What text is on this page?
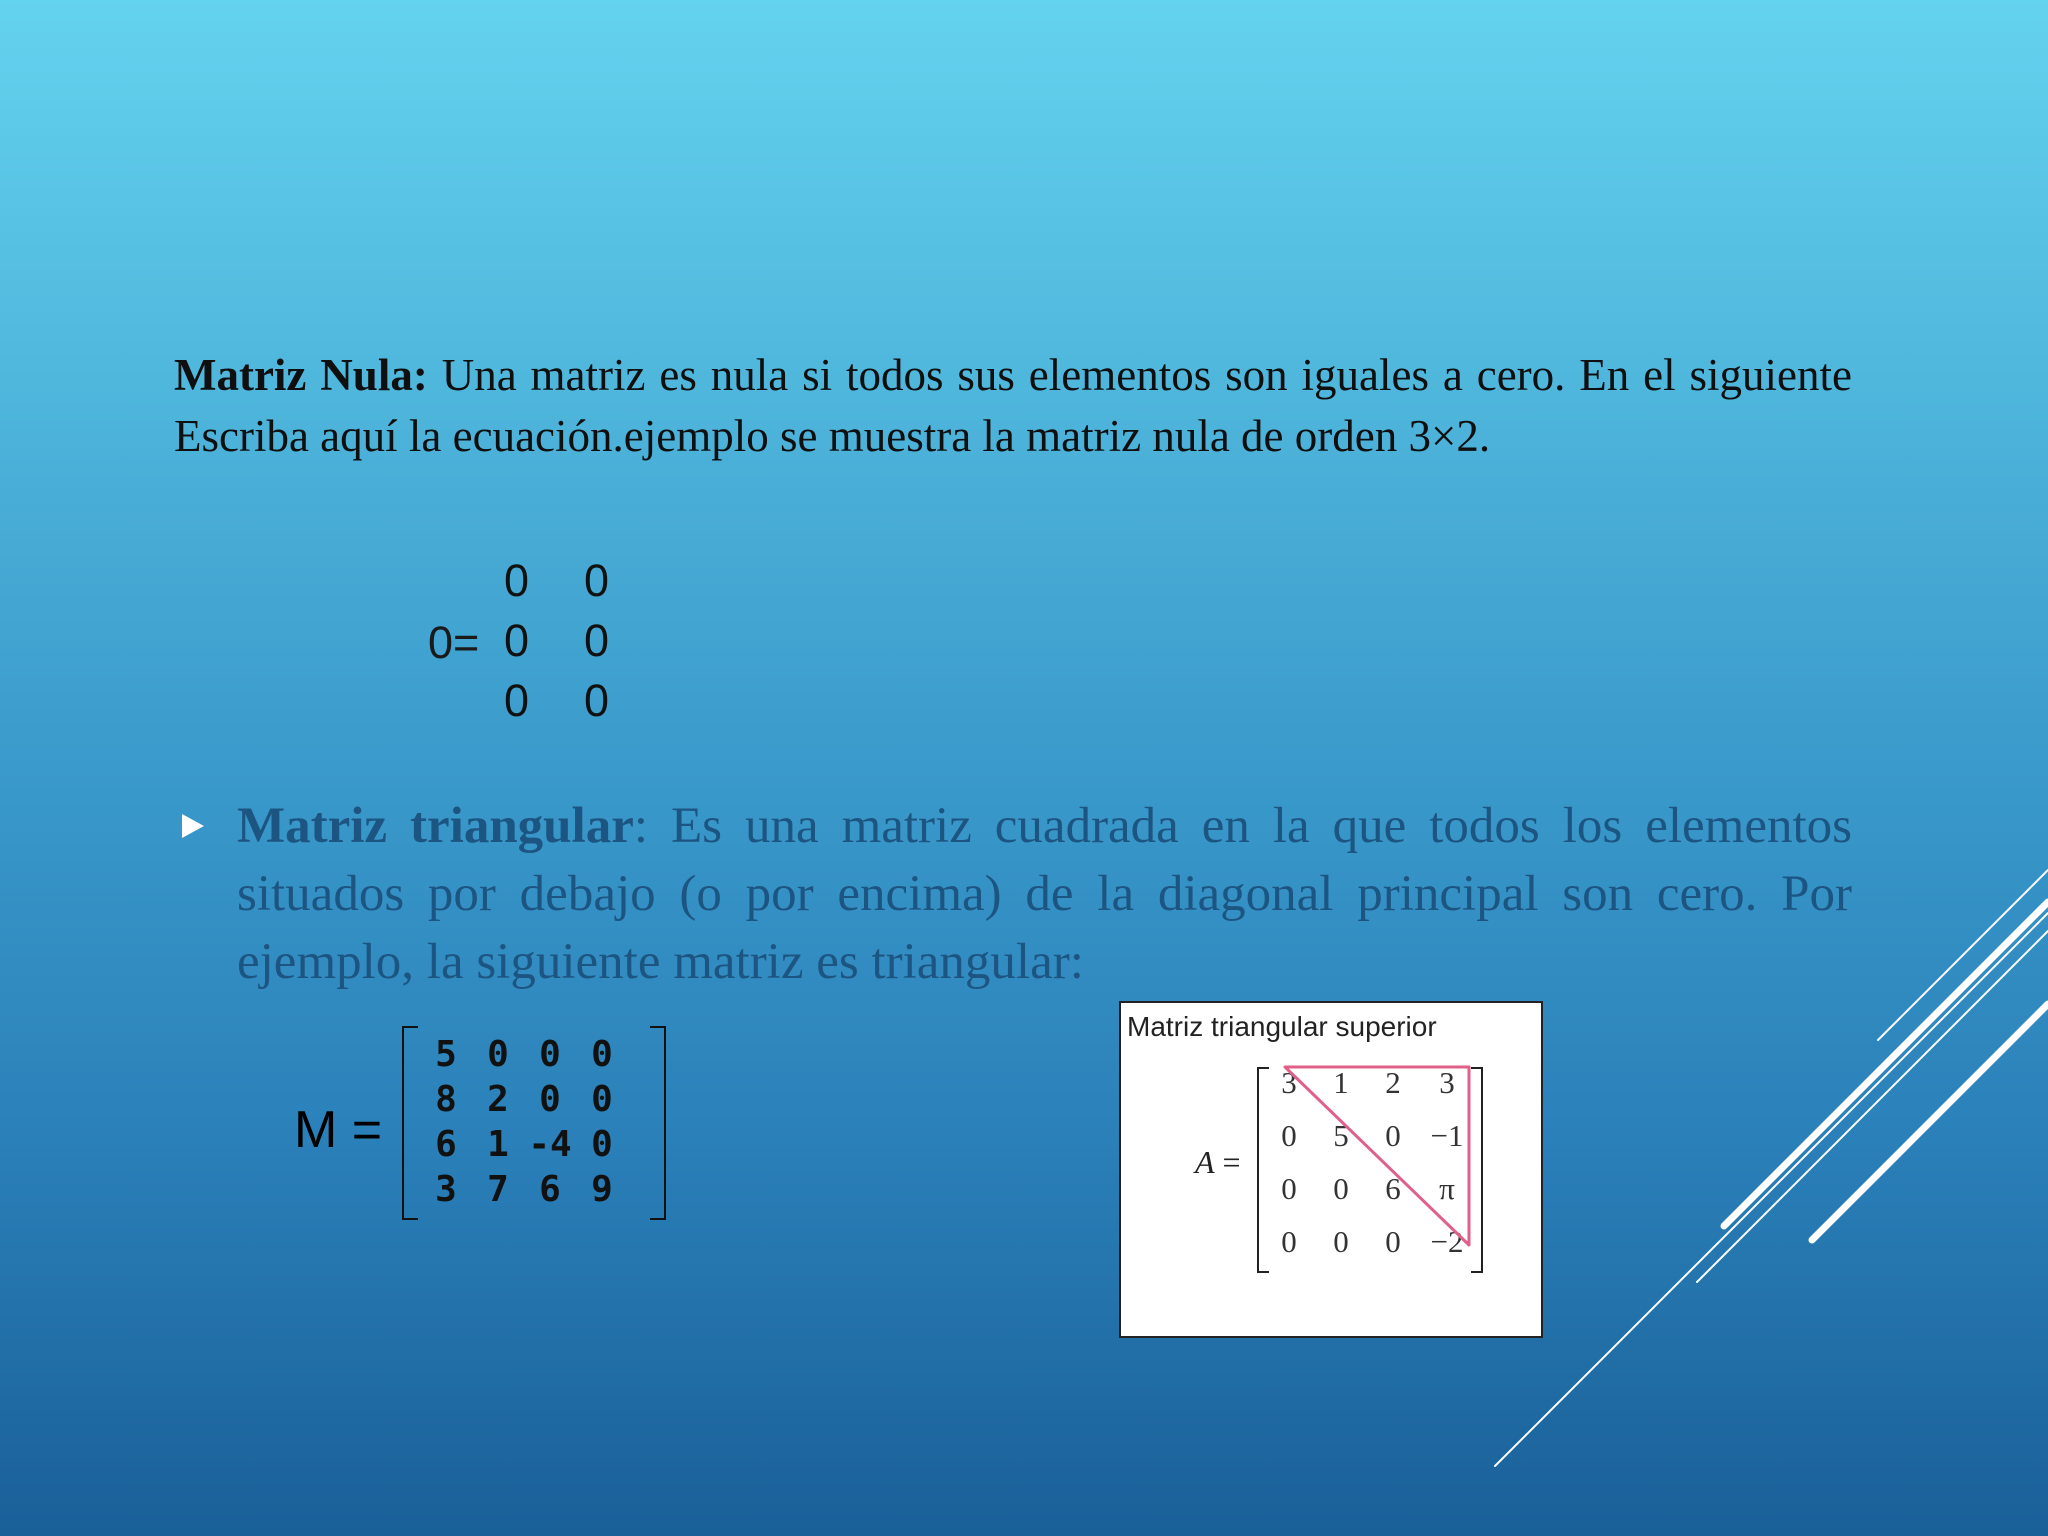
Matriz Nula: Una matriz es nula si todos sus elementos son iguales a cero. En el siguiente Escriba aquí la ecuación.ejemplo se muestra la matriz nula de orden 3×2.
0=
0	0
0	0
0	0
Matriz triangular: Es una matriz cuadrada en la que todos los elementos situados por debajo (o por encima) de la diagonal principal son cero. Por ejemplo, la siguiente matriz es triangular:
M =
5 0 0 0
8 2 0 0
6 1 -4 0
3 7 6 9
Matriz triangular superior
A =
3	1	2	3
0	5	0 −1
0	0	6	π
0	0	0 −2
